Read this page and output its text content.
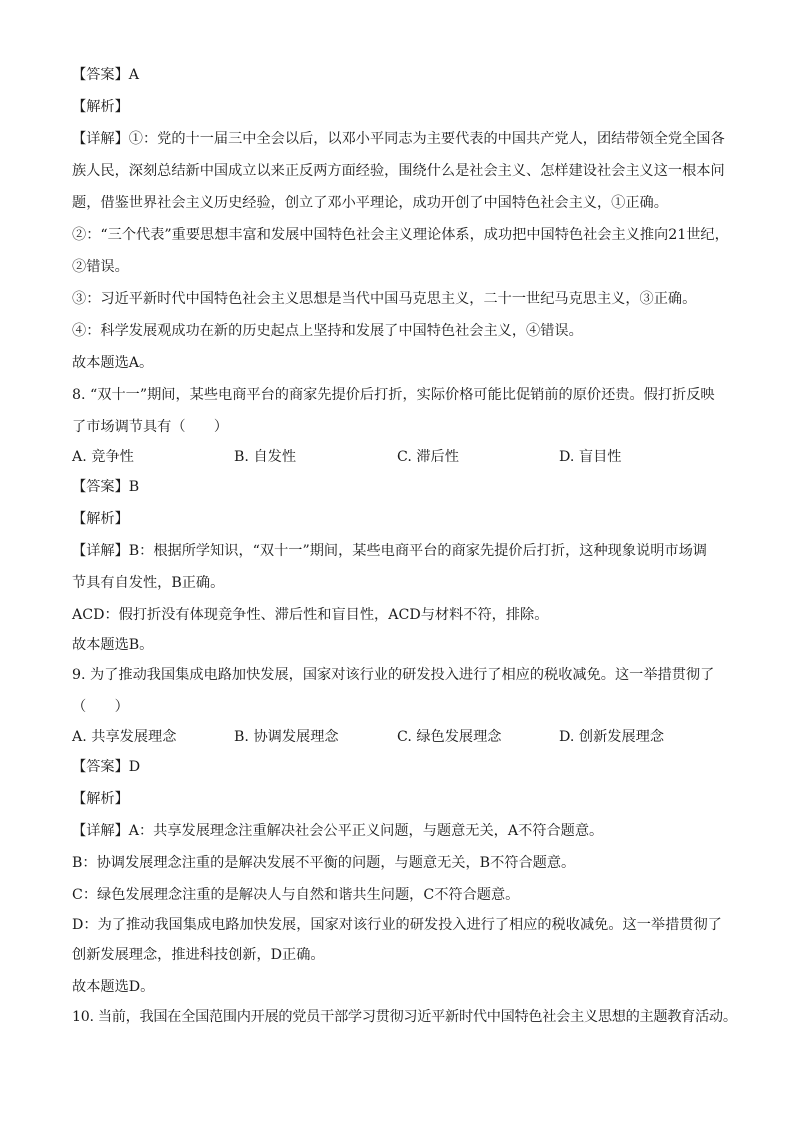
【答案】A
【解析】
【详解】①：党的十一届三中全会以后，以邓小平同志为主要代表的中国共产党人，团结带领全党全国各
族人民，深刻总结新中国成立以来正反两方面经验，围绕什么是社会主义、怎样建设社会主义这一根本问
题，借鉴世界社会主义历史经验，创立了邓小平理论，成功开创了中国特色社会主义，①正确。
②：“三个代表”重要思想丰富和发展中国特色社会主义理论体系，成功把中国特色社会主义推向21世纪，
②错误。
③：习近平新时代中国特色社会主义思想是当代中国马克思主义，二十一世纪马克思主义，③正确。
④：科学发展观成功在新的历史起点上坚持和发展了中国特色社会主义，④错误。
故本题选A。
8. “双十一”期间，某些电商平台的商家先提价后打折，实际价格可能比促销前的原价还贵。假打折反映
了市场调节具有（　　）
A. 竞争性	B. 自发性	C. 滞后性	D. 盲目性
【答案】B
【解析】
【详解】B：根据所学知识，“双十一”期间，某些电商平台的商家先提价后打折，这种现象说明市场调
节具有自发性，B正确。
ACD：假打折没有体现竞争性、滞后性和盲目性，ACD与材料不符，排除。
故本题选B。
9. 为了推动我国集成电路加快发展，国家对该行业的研发投入进行了相应的税收减免。这一举措贯彻了
（　　）
A. 共享发展理念	B. 协调发展理念	C. 绿色发展理念	D. 创新发展理念
【答案】D
【解析】
【详解】A：共享发展理念注重解决社会公平正义问题，与题意无关，A不符合题意。
B：协调发展理念注重的是解决发展不平衡的问题，与题意无关，B不符合题意。
C：绿色发展理念注重的是解决人与自然和谐共生问题，C不符合题意。
D：为了推动我国集成电路加快发展，国家对该行业的研发投入进行了相应的税收减免。这一举措贯彻了
创新发展理念，推进科技创新，D正确。
故本题选D。
10. 当前，我国在全国范围内开展的党员干部学习贯彻习近平新时代中国特色社会主义思想的主题教育活动。
